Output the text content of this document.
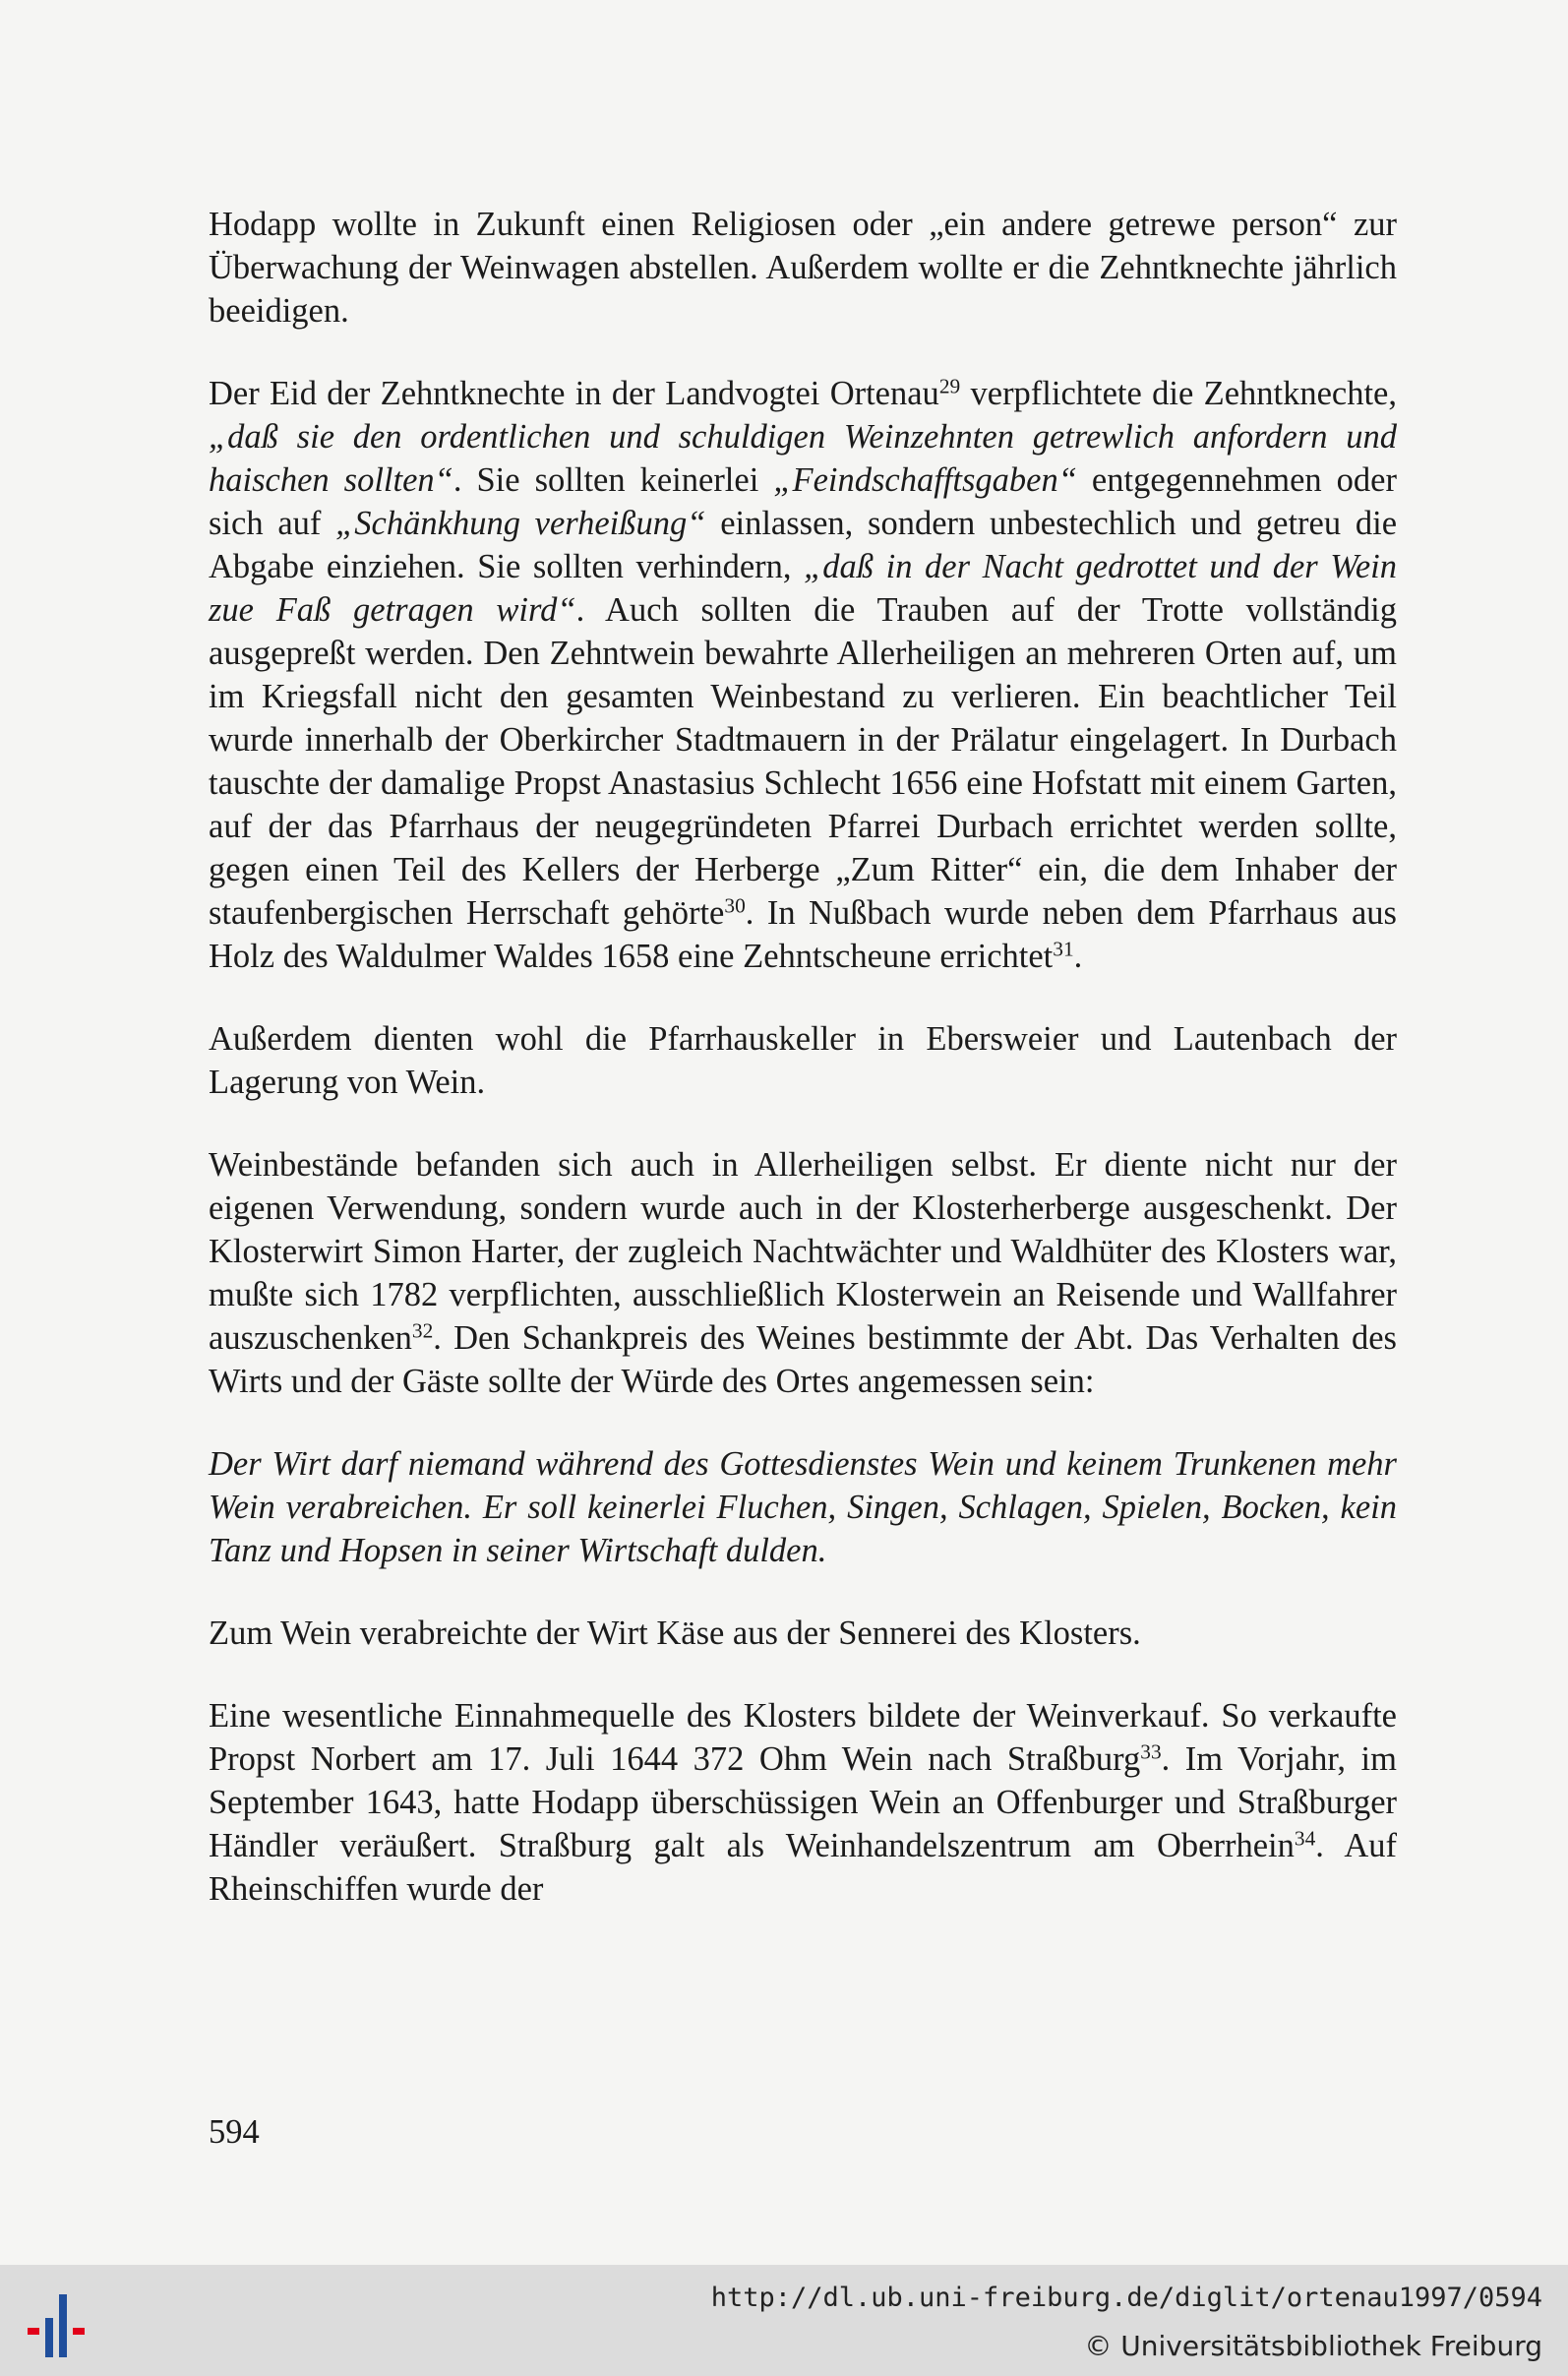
Hodapp wollte in Zukunft einen Religiosen oder „ein andere getrewe person“ zur Überwachung der Weinwagen abstellen. Außerdem wollte er die Zehntknechte jährlich beeidigen.

Der Eid der Zehntknechte in der Landvogtei Ortenau$^{29}$ verpflichtete die Zehntknechte, „daß sie den ordentlichen und schuldigen Weinzehnten getrewlich anfordern und haischen sollten“. Sie sollten keinerlei „Feindschafftsgaben“ entgegennehmen oder sich auf „Schänkhung verheißung“ einlassen, sondern unbestechlich und getreu die Abgabe einziehen. Sie sollten verhindern, „daß in der Nacht gedrottet und der Wein zue Faß getragen wird“. Auch sollten die Trauben auf der Trotte vollständig ausgepreßt werden. Den Zehntwein bewahrte Allerheiligen an mehreren Orten auf, um im Kriegsfall nicht den gesamten Weinbestand zu verlieren. Ein beachtlicher Teil wurde innerhalb der Oberkircher Stadtmauern in der Prälatur eingelagert. In Durbach tauschte der damalige Propst Anastasius Schlecht 1656 eine Hofstatt mit einem Garten, auf der das Pfarrhaus der neugegründeten Pfarrei Durbach errichtet werden sollte, gegen einen Teil des Kellers der Herberge „Zum Ritter“ ein, die dem Inhaber der staufenbergischen Herrschaft gehörte$^{30}$. In Nußbach wurde neben dem Pfarrhaus aus Holz des Waldulmer Waldes 1658 eine Zehntscheune errichtet$^{31}$.

Außerdem dienten wohl die Pfarrhauskeller in Ebersweier und Lautenbach der Lagerung von Wein.

Weinbestände befanden sich auch in Allerheiligen selbst. Er diente nicht nur der eigenen Verwendung, sondern wurde auch in der Klosterherberge ausgeschenkt. Der Klosterwirt Simon Harter, der zugleich Nachtwächter und Waldhüter des Klosters war, mußte sich 1782 verpflichten, ausschließlich Klosterwein an Reisende und Wallfahrer auszuschenken$^{32}$. Den Schankpreis des Weines bestimmte der Abt. Das Verhalten des Wirts und der Gäste sollte der Würde des Ortes angemessen sein:

Der Wirt darf niemand während des Gottesdienstes Wein und keinem Trunkenen mehr Wein verabreichen. Er soll keinerlei Fluchen, Singen, Schlagen, Spielen, Bocken, kein Tanz und Hopsen in seiner Wirtschaft dulden.

Zum Wein verabreichte der Wirt Käse aus der Sennerei des Klosters.

Eine wesentliche Einnahmequelle des Klosters bildete der Weinverkauf. So verkaufte Propst Norbert am 17. Juli 1644 372 Ohm Wein nach Straßburg$^{33}$. Im Vorjahr, im September 1643, hatte Hodapp überschüssigen Wein an Offenburger und Straßburger Händler veräußert. Straßburg galt als Weinhandelszentrum am Oberrhein$^{34}$. Auf Rheinschiffen wurde der

594
http://dl.ub.uni-freiburg.de/diglit/ortenau1997/0594
© Universitätsbibliothek Freiburg
